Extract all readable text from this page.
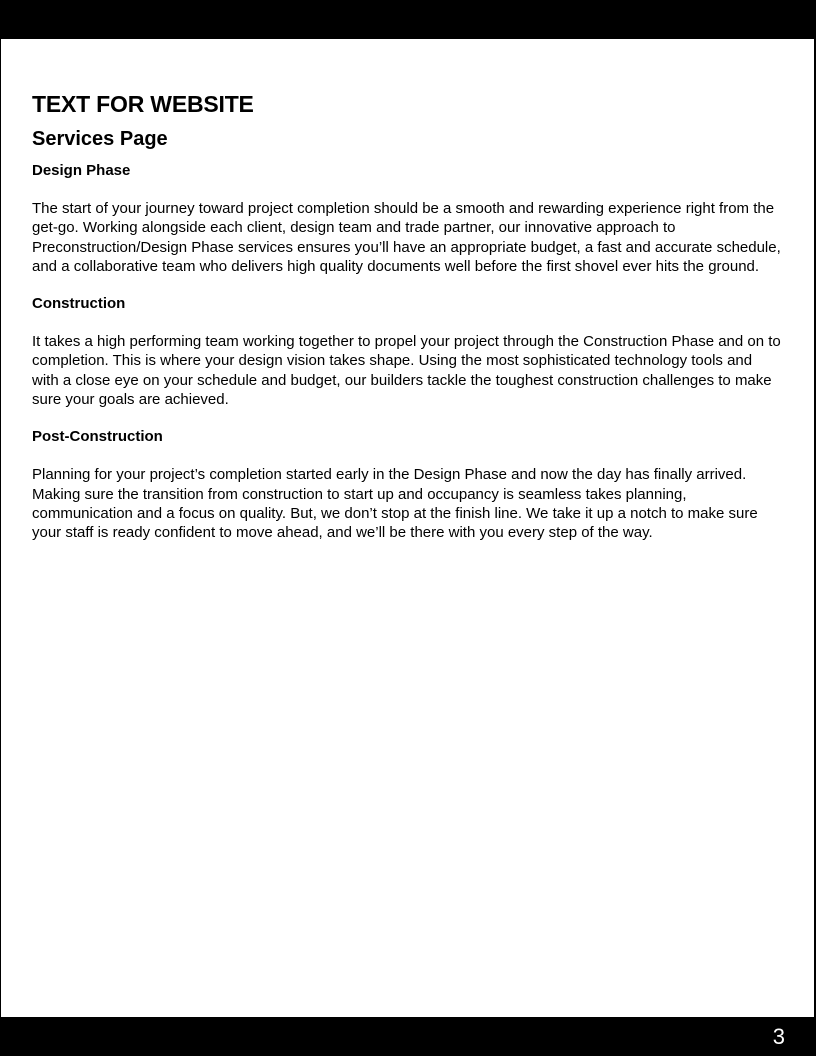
TEXT FOR WEBSITE
Services Page
Design Phase

The start of your journey toward project completion should be a smooth and rewarding experience right from the get-go. Working alongside each client, design team and trade partner, our innovative approach to Preconstruction/Design Phase services ensures you’ll have an appropriate budget, a fast and accurate schedule, and a collaborative team who delivers high quality documents well before the first shovel ever hits the ground.

Construction

It takes a high performing team working together to propel your project through the Construction Phase and on to completion. This is where your design vision takes shape. Using the most sophisticated technology tools and with a close eye on your schedule and budget, our builders tackle the toughest construction challenges to make sure your goals are achieved.

Post-Construction

Planning for your project’s completion started early in the Design Phase and now the day has finally arrived. Making sure the transition from construction to start up and occupancy is seamless takes planning, communication and a focus on quality. But, we don’t stop at the finish line. We take it up a notch to make sure your staff is ready confident to move ahead, and we’ll be there with you every step of the way.

3
